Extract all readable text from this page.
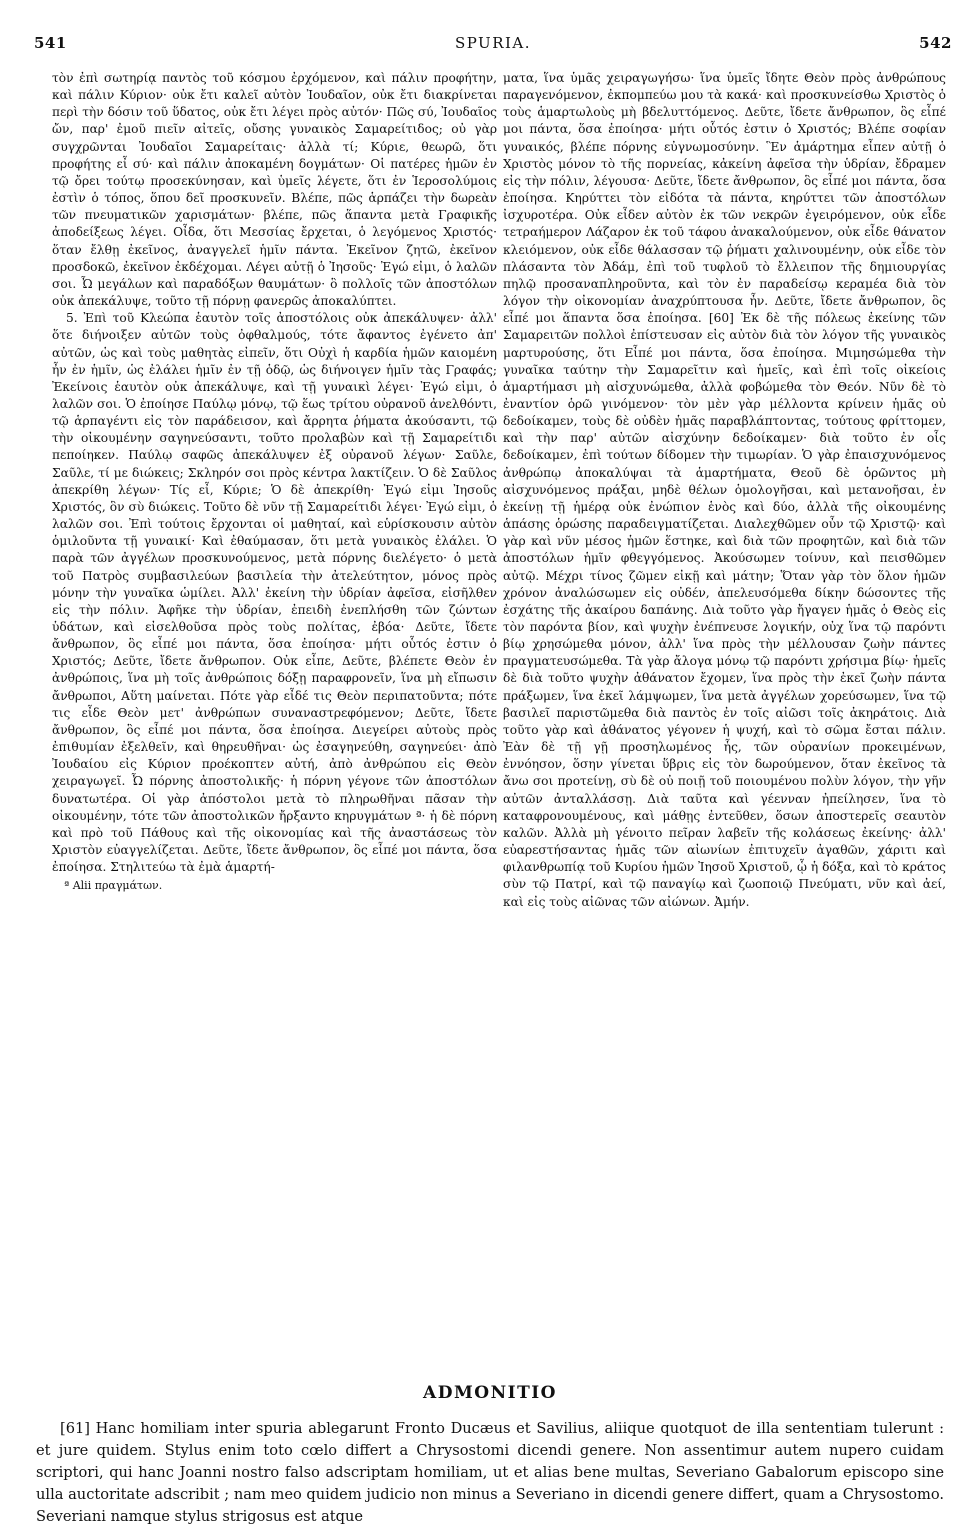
541	SPURIA.	542

τὸν ἐπὶ σωτηρίᾳ παντὸς τοῦ κόσμου ἐρχόμενον, καὶ πάλιν προφήτην, καὶ πάλιν Κύριον· οὐκ ἔτι καλεῖ αὐτὸν Ἰουδαῖον, οὐκ ἔτι διακρίνεται περὶ τὴν δόσιν τοῦ ὕδατος, οὐκ ἔτι λέγει πρὸς αὐτόν· Πῶς σύ, Ἰουδαῖος ὤν, παρ' ἐμοῦ πιεῖν αἰτεῖς, οὔσης γυναικὸς Σαμαρείτιδος; οὐ γὰρ συγχρῶνται Ἰουδαῖοι Σαμαρείταις· ἀλλὰ τί; Κύριε, θεωρῶ, ὅτι προφήτης εἶ σύ· καὶ πάλιν ἀποκαμένη δογμάτων· Οἱ πατέρες ἡμῶν ἐν τῷ ὄρει τούτῳ προσεκύνησαν, καὶ ὑμεῖς λέγετε, ὅτι ἐν Ἱεροσολύμοις ἐστὶν ὁ τόπος, ὅπου δεῖ προσκυνεῖν. Βλέπε, πῶς ἁρπάζει τὴν δωρεὰν τῶν πνευματικῶν χαρισμάτων· βλέπε, πῶς ἅπαντα μετὰ Γραφικῆς ἀποδείξεως λέγει. Οἶδα, ὅτι Μεσσίας ἔρχεται, ὁ λεγόμενος Χριστός· ὅταν ἔλθῃ ἐκεῖνος, ἀναγγελεῖ ἡμῖν πάντα. Ἐκεῖνον ζητῶ, ἐκεῖνον προσδοκῶ, ἐκεῖνον ἐκδέχομαι. Λέγει αὐτῇ ὁ Ἰησοῦς· Ἐγώ εἰμι, ὁ λαλῶν σοι. Ὦ μεγάλων καὶ παραδόξων θαυμάτων· ὃ πολλοῖς τῶν ἀποστόλων οὐκ ἀπεκάλυψε, τοῦτο τῇ πόρνῃ φανερῶς ἀποκαλύπτει.

5. Ἐπὶ τοῦ Κλεώπα ἑαυτὸν τοῖς ἀποστόλοις οὐκ ἀπεκάλυψεν· ἀλλ' ὅτε διήνοιξεν αὐτῶν τοὺς ὀφθαλμούς, τότε ἄφαντος ἐγένετο ἀπ' αὐτῶν, ὡς καὶ τοὺς μαθητὰς εἰπεῖν, ὅτι Οὐχὶ ἡ καρδία ἡμῶν καιομένη ἦν ἐν ἡμῖν, ὡς ἐλάλει ἡμῖν ἐν τῇ ὁδῷ, ὡς διήνοιγεν ἡμῖν τὰς Γραφάς; Ἐκείνοις ἑαυτὸν οὐκ ἀπεκάλυψε, καὶ τῇ γυναικὶ λέγει· Ἐγώ εἰμι, ὁ λαλῶν σοι. Ὁ ἐποίησε Παύλῳ μόνῳ, τῷ ἕως τρίτου οὐρανοῦ ἀνελθόντι, τῷ ἁρπαγέντι εἰς τὸν παράδεισον, καὶ ἄρρητα ῥήματα ἀκούσαντι, τῷ τὴν οἰκουμένην σαγηνεύσαντι, τοῦτο προλαβὼν καὶ τῇ Σαμαρείτιδι πεποίηκεν. Παύλῳ σαφῶς ἀπεκάλυψεν ἐξ οὐρανοῦ λέγων· Σαῦλε, Σαῦλε, τί με διώκεις; Σκληρόν σοι πρὸς κέντρα λακτίζειν. Ὁ δὲ Σαῦλος ἀπεκρίθη λέγων· Τίς εἶ, Κύριε; Ὁ δὲ ἀπεκρίθη· Ἐγώ εἰμι Ἰησοῦς Χριστός, ὃν σὺ διώκεις. Τοῦτο δὲ νῦν τῇ Σαμαρείτιδι λέγει· Ἐγώ εἰμι, ὁ λαλῶν σοι. Ἐπὶ τούτοις ἔρχονται οἱ μαθηταί, καὶ εὑρίσκουσιν αὐτὸν ὁμιλοῦντα τῇ γυναικί· Καὶ ἐθαύμασαν, ὅτι μετὰ γυναικὸς ἐλάλει. Ὁ παρὰ τῶν ἀγγέλων προσκυνούμενος, μετὰ πόρνης διελέγετο· ὁ μετὰ τοῦ Πατρὸς συμβασιλεύων βασιλεία τὴν ἀτελεύτητον, μόνος πρὸς μόνην τὴν γυναῖκα ὡμίλει. Ἀλλ' ἐκείνη τὴν ὑδρίαν ἀφεῖσα, εἰσῆλθεν εἰς τὴν πόλιν. Ἀφῆκε τὴν ὑδρίαν, ἐπειδὴ ἐνεπλήσθη τῶν ζώντων ὑδάτων, καὶ εἰσελθοῦσα πρὸς τοὺς πολίτας, ἐβόα· Δεῦτε, ἴδετε ἄνθρωπον, ὃς εἶπέ μοι πάντα, ὅσα ἐποίησα· μήτι οὗτός ἐστιν ὁ Χριστός; Δεῦτε, ἴδετε ἄνθρωπον. Οὐκ εἶπε, Δεῦτε, βλέπετε Θεὸν ἐν ἀνθρώποις, ἵνα μὴ τοῖς ἀνθρώποις δόξῃ παραφρονεῖν, ἵνα μὴ εἴπωσιν ἄνθρωποι, Αὕτη μαίνεται. Πότε γὰρ εἶδέ τις Θεὸν περιπατοῦντα; πότε τις εἶδε Θεὸν μετ' ἀνθρώπων συναναστρεφόμενον; Δεῦτε, ἴδετε ἄνθρωπον, ὃς εἶπέ μοι πάντα, ὅσα ἐποίησα. Διεγείρει αὐτοὺς πρὸς ἐπιθυμίαν ἐξελθεῖν, καὶ θηρευθῆναι· ὡς ἐσαγηνεύθη, σαγηνεύει· ἀπὸ Ἰουδαίου εἰς Κύριον προέκοπτεν αὐτή, ἀπὸ ἀνθρώπου εἰς Θεὸν χειραγωγεῖ. Ὦ πόρνης ἀποστολικῆς· ἡ πόρνη γέγονε τῶν ἀποστόλων δυνατωτέρα. Οἱ γὰρ ἀπόστολοι μετὰ τὸ πληρωθῆναι πᾶσαν τὴν οἰκουμένην, τότε τῶν ἀποστολικῶν ἤρξαντο κηρυγμάτων ª· ἡ δὲ πόρνη καὶ πρὸ τοῦ Πάθους καὶ τῆς οἰκονομίας καὶ τῆς ἀναστάσεως τὸν Χριστὸν εὐαγγελίζεται. Δεῦτε, ἴδετε ἄνθρωπον, ὃς εἶπέ μοι πάντα, ὅσα ἐποίησα. Στηλιτεύω τὰ ἐμὰ ἁμαρτή-

ª Alii πραγμάτων.

ματα, ἵνα ὑμᾶς χειραγωγήσω· ἵνα ὑμεῖς ἴδητε Θεὸν πρὸς ἀνθρώπους παραγενόμενον, ἐκπομπεύω μου τὰ κακά· καὶ προσκυνείσθω Χριστὸς ὁ τοὺς ἁμαρτωλοὺς μὴ βδελυττόμενος. Δεῦτε, ἴδετε ἄνθρωπον, ὃς εἶπέ μοι πάντα, ὅσα ἐποίησα· μήτι οὗτός ἐστιν ὁ Χριστός; Βλέπε σοφίαν γυναικός, βλέπε πόρνης εὐγνωμοσύνην. Ἓν ἁμάρτημα εἶπεν αὐτῇ ὁ Χριστὸς μόνον τὸ τῆς πορνείας, κἀκείνη ἀφεῖσα τὴν ὑδρίαν, ἔδραμεν εἰς τὴν πόλιν, λέγουσα· Δεῦτε, ἴδετε ἄνθρωπον, ὃς εἶπέ μοι πάντα, ὅσα ἐποίησα. Κηρύττει τὸν εἰδότα τὰ πάντα, κηρύττει τῶν ἀποστόλων ἰσχυροτέρα. Οὐκ εἶδεν αὐτὸν ἐκ τῶν νεκρῶν ἐγειρόμενον, οὐκ εἶδε τετραήμερον Λάζαρον ἐκ τοῦ τάφου ἀνακαλούμενον, οὐκ εἶδε θάνατον κλειόμενον, οὐκ εἶδε θάλασσαν τῷ ῥήματι χαλινουμένην, οὐκ εἶδε τὸν πλάσαντα τὸν Ἀδάμ, ἐπὶ τοῦ τυφλοῦ τὸ ἔλλειπον τῆς δημιουργίας πηλῷ προσαναπληροῦντα, καὶ τὸν ἐν παραδείσῳ κεραμέα διὰ τὸν λόγον τὴν οἰκονομίαν ἀναχρύπτουσα ἦν. Δεῦτε, ἴδετε ἄνθρωπον, ὃς εἶπέ μοι ἅπαντα ὅσα ἐποίησα. [60] Ἐκ δὲ τῆς πόλεως ἐκείνης τῶν Σαμαρειτῶν πολλοὶ ἐπίστευσαν εἰς αὐτὸν διὰ τὸν λόγον τῆς γυναικὸς μαρτυρούσης, ὅτι Εἶπέ μοι πάντα, ὅσα ἐποίησα. Μιμησώμεθα τὴν γυναῖκα ταύτην τὴν Σαμαρεῖτιν καὶ ἡμεῖς, καὶ ἐπὶ τοῖς οἰκείοις ἁμαρτήμασι μὴ αἰσχυνώμεθα, ἀλλὰ φοβώμεθα τὸν Θεόν. Νῦν δὲ τὸ ἐναντίον ὁρῶ γινόμενον· τὸν μὲν γὰρ μέλλοντα κρίνειν ἡμᾶς οὐ δεδοίκαμεν, τοὺς δὲ οὐδὲν ἡμᾶς παραβλάπτοντας, τούτους φρίττομεν, καὶ τὴν παρ' αὐτῶν αἰσχύνην δεδοίκαμεν· διὰ τοῦτο ἐν οἷς δεδοίκαμεν, ἐπὶ τούτων δίδομεν τὴν τιμωρίαν. Ὁ γὰρ ἐπαισχυνόμενος ἀνθρώπῳ ἀποκαλύψαι τὰ ἁμαρτήματα, Θεοῦ δὲ ὁρῶντος μὴ αἰσχυνόμενος πράξαι, μηδὲ θέλων ὁμολογῆσαι, καὶ μετανοῆσαι, ἐν ἐκείνῃ τῇ ἡμέρᾳ οὐκ ἐνώπιον ἑνὸς καὶ δύο, ἀλλὰ τῆς οἰκουμένης ἁπάσης ὁρώσης παραδειγματίζεται. Διαλεχθῶμεν οὖν τῷ Χριστῷ· καὶ γὰρ καὶ νῦν μέσος ἡμῶν ἕστηκε, καὶ διὰ τῶν προφητῶν, καὶ διὰ τῶν ἀποστόλων ἡμῖν φθεγγόμενος. Ἀκούσωμεν τοίνυν, καὶ πεισθῶμεν αὐτῷ. Μέχρι τίνος ζῶμεν εἰκῇ καὶ μάτην; Ὅταν γὰρ τὸν ὅλον ἡμῶν χρόνον ἀναλώσωμεν εἰς οὐδέν, ἀπελευσόμεθα δίκην δώσοντες τῆς ἐσχάτης τῆς ἀκαίρου δαπάνης. Διὰ τοῦτο γὰρ ἤγαγεν ἡμᾶς ὁ Θεὸς εἰς τὸν παρόντα βίον, καὶ ψυχὴν ἐνέπνευσε λογικήν, οὐχ ἵνα τῷ παρόντι βίῳ χρησώμεθα μόνον, ἀλλ' ἵνα πρὸς τὴν μέλλουσαν ζωὴν πάντες πραγματευσώμεθα. Τὰ γὰρ ἄλογα μόνῳ τῷ παρόντι χρήσιμα βίῳ· ἡμεῖς δὲ διὰ τοῦτο ψυχὴν ἀθάνατον ἔχομεν, ἵνα πρὸς τὴν ἐκεῖ ζωὴν πάντα πράξωμεν, ἵνα ἐκεῖ λάμψωμεν, ἵνα μετὰ ἀγγέλων χορεύσωμεν, ἵνα τῷ βασιλεῖ παριστῶμεθα διὰ παντὸς ἐν τοῖς αἰῶσι τοῖς ἀκηράτοις. Διὰ τοῦτο γὰρ καὶ ἀθάνατος γέγονεν ἡ ψυχή, καὶ τὸ σῶμα ἔσται πάλιν. Ἐὰν δὲ τῇ γῇ προσηλωμένος ἧς, τῶν οὐρανίων προκειμένων, ἐννόησον, ὅσην γίνεται ὕβρις εἰς τὸν δωρούμενον, ὅταν ἐκεῖνος τὰ ἄνω σοι προτείνῃ, σὺ δὲ οὐ ποιῇ τοῦ ποιουμένου πολὺν λόγον, τὴν γῆν αὐτῶν ἀνταλλάσσῃ. Διὰ ταῦτα καὶ γέενναν ἠπείλησεν, ἵνα τὸ καταφρονουμένους, καὶ μάθῃς ἐντεῦθεν, ὅσων ἀποστερεῖς σεαυτὸν καλῶν. Ἀλλὰ μὴ γένοιτο πεῖραν λαβεῖν τῆς κολάσεως ἐκείνης· ἀλλ' εὐαρεστήσαντας ἡμᾶς τῶν αἰωνίων ἐπιτυχεῖν ἀγαθῶν, χάριτι καὶ φιλανθρωπίᾳ τοῦ Κυρίου ἡμῶν Ἰησοῦ Χριστοῦ, ᾧ ἡ δόξα, καὶ τὸ κράτος σὺν τῷ Πατρί, καὶ τῷ παναγίῳ καὶ ζωοποιῷ Πνεύματι, νῦν καὶ ἀεί, καὶ εἰς τοὺς αἰῶνας τῶν αἰώνων. Ἀμήν.

ADMONITIO

[61] Hanc homiliam inter spuria ablegarunt Fronto Ducæus et Savilius, aliique quotquot de illa sententiam tulerunt : et jure quidem. Stylus enim toto cœlo differt a Chrysostomi dicendi genere. Non assentimur autem nupero cuidam scriptori, qui hanc Joanni nostro falso adscriptam homiliam, ut et alias bene multas, Severiano Gabalorum episcopo sine ulla auctoritate adscribit ; nam meo quidem judicio non minus a Severiano in dicendi genere differt, quam a Chrysostomo. Severiani namque stylus strigosus est atque
